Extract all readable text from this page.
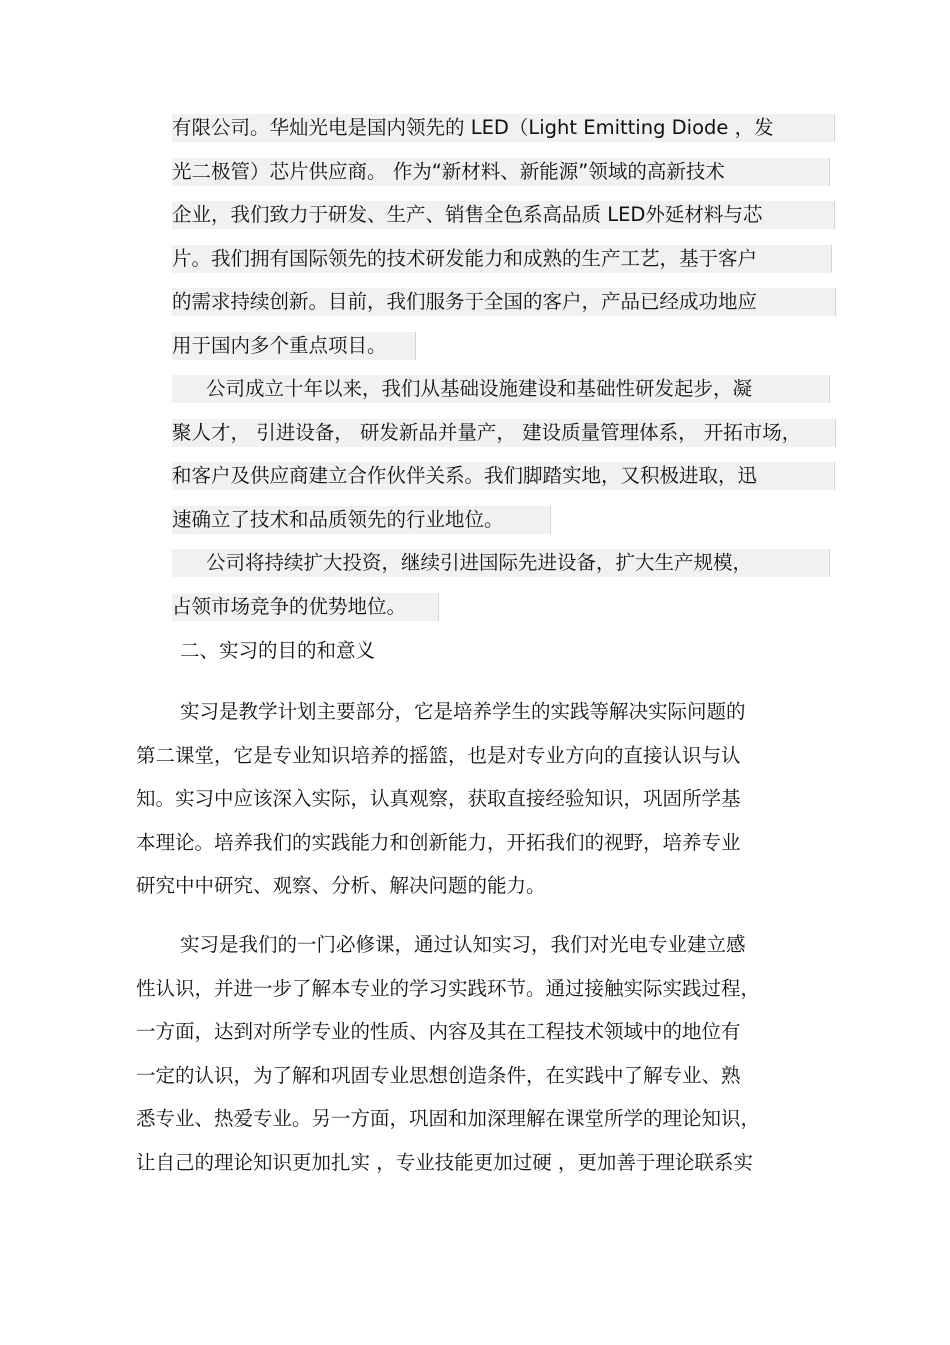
有限公司。华灿光电是国内领先的 LED（Light Emitting Diode ，发
光二极管）芯片供应商。 作为“新材料、新能源”领域的高新技术
企业，我们致力于研发、生产、销售全色系高品质 LED外延材料与芯
片。我们拥有国际领先的技术研发能力和成熟的生产工艺，基于客户
的需求持续创新。目前，我们服务于全国的客户，产品已经成功地应
用于国内多个重点项目。
公司成立十年以来，我们从基础设施建设和基础性研发起步，凝
聚人才， 引进设备， 研发新品并量产， 建设质量管理体系， 开拓市场，
和客户及供应商建立合作伙伴关系。我们脚踏实地，又积极进取，迅
速确立了技术和品质领先的行业地位。
公司将持续扩大投资，继续引进国际先进设备，扩大生产规模，
占领市场竞争的优势地位。
二、实习的目的和意义
实习是教学计划主要部分，它是培养学生的实践等解决实际问题的
第二课堂，它是专业知识培养的摇篮，也是对专业方向的直接认识与认
知。实习中应该深入实际，认真观察，获取直接经验知识，巩固所学基
本理论。培养我们的实践能力和创新能力，开拓我们的视野，培养专业
研究中中研究、观察、分析、解决问题的能力。
实习是我们的一门必修课，通过认知实习，我们对光电专业建立感
性认识，并进一步了解本专业的学习实践环节。通过接触实际实践过程，
一方面，达到对所学专业的性质、内容及其在工程技术领域中的地位有
一定的认识，为了解和巩固专业思想创造条件，在实践中了解专业、熟
悉专业、热爱专业。另一方面，巩固和加深理解在课堂所学的理论知识，
让自己的理论知识更加扎实 ，专业技能更加过硬 ，更加善于理论联系实
